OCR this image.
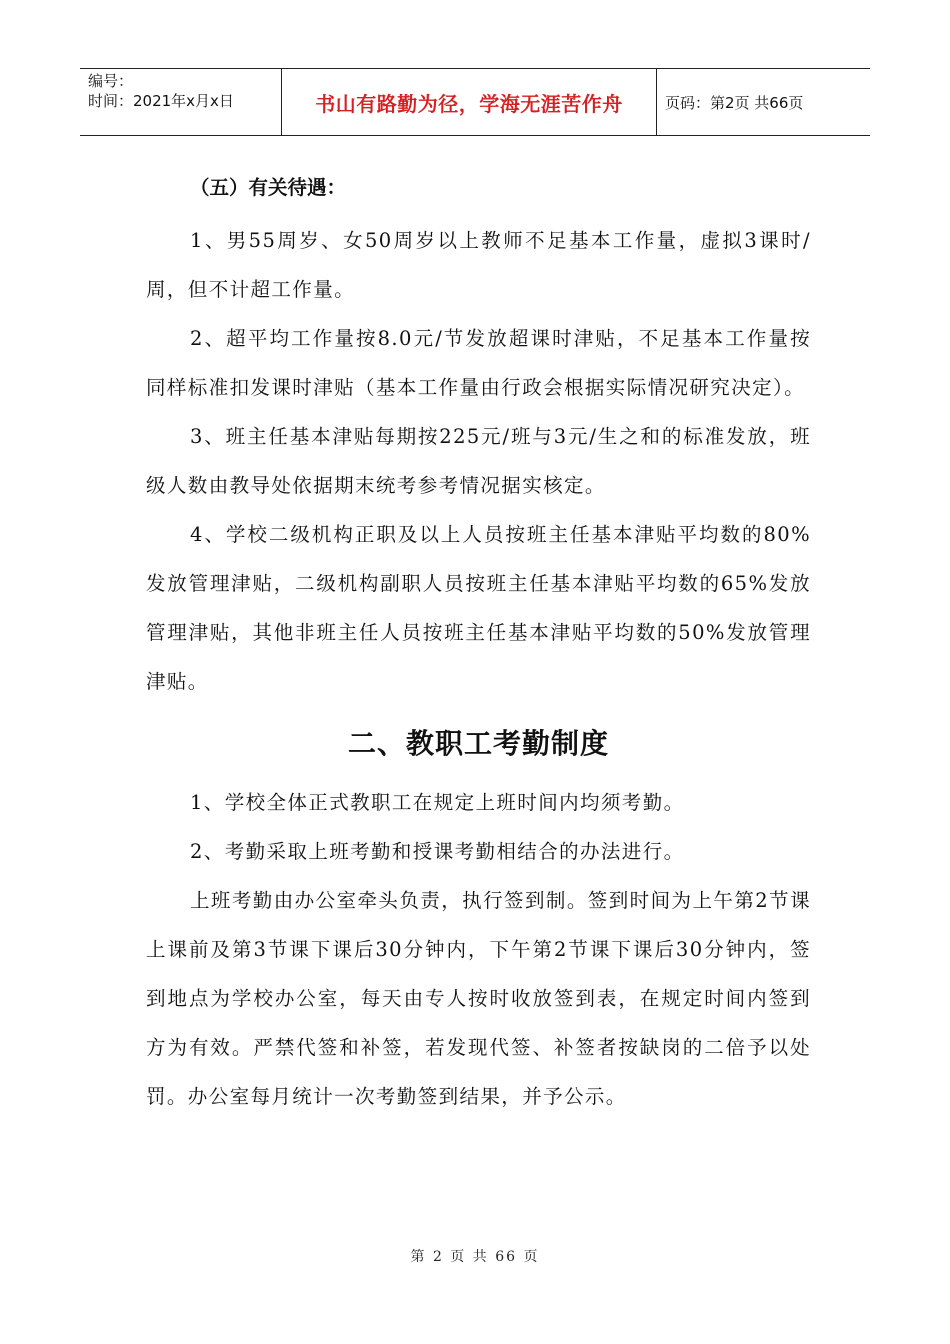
编号：
时间：2021年x月x日	书山有路勤为径，学海无涯苦作舟	页码：第2页 共66页
（五）有关待遇：

1、男55周岁、女50周岁以上教师不足基本工作量，虚拟3课时/周，但不计超工作量。

2、超平均工作量按8.0元/节发放超课时津贴，不足基本工作量按同样标准扣发课时津贴（基本工作量由行政会根据实际情况研究决定）。

3、班主任基本津贴每期按225元/班与3元/生之和的标准发放，班级人数由教导处依据期末统考参考情况据实核定。

4、学校二级机构正职及以上人员按班主任基本津贴平均数的80%发放管理津贴，二级机构副职人员按班主任基本津贴平均数的65%发放管理津贴，其他非班主任人员按班主任基本津贴平均数的50%发放管理津贴。

二、教职工考勤制度

1、学校全体正式教职工在规定上班时间内均须考勤。

2、考勤采取上班考勤和授课考勤相结合的办法进行。

上班考勤由办公室牵头负责，执行签到制。签到时间为上午第2节课上课前及第3节课下课后30分钟内，下午第2节课下课后30分钟内，签到地点为学校办公室，每天由专人按时收放签到表，在规定时间内签到方为有效。严禁代签和补签，若发现代签、补签者按缺岗的二倍予以处罚。办公室每月统计一次考勤签到结果，并予公示。

第 2 页 共 66 页
